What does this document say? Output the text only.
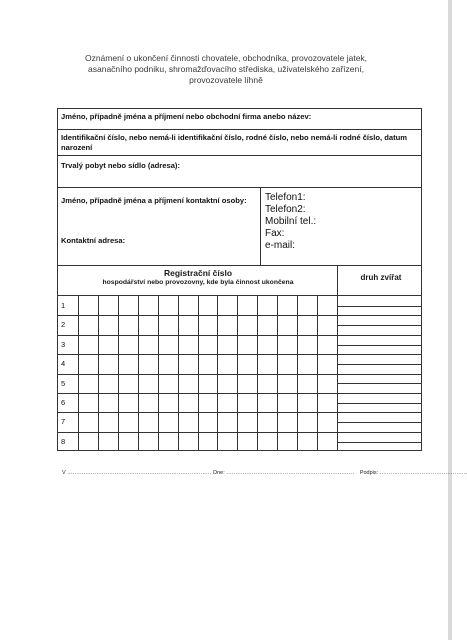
Oznámení o ukončení činnosti chovatele, obchodníka, provozovatele jatek,
asanačního podniku, shromažďovacího střediska, uživatelského zařízení,
provozovatele líhně
Jméno, případně jména a příjmení nebo obchodní firma anebo název:
Identifikační číslo, nebo nemá-li identifikační číslo, rodné číslo, nebo nemá-li rodné číslo, datum narození
Trvalý pobyt nebo sídlo (adresa):
Jméno, případně jména a příjmení kontaktní osoby:
Kontaktní adresa:
Telefon1:
Telefon2:
Mobilní tel.:
Fax:
e-mail:
Registrační číslo
hospodářství nebo provozovny, kde byla činnost ukončena
druh zvířat
1
2
3
4
5
6
7
8
V ............................................................................... Dne: ...................................................................... Podpis: ................................................
